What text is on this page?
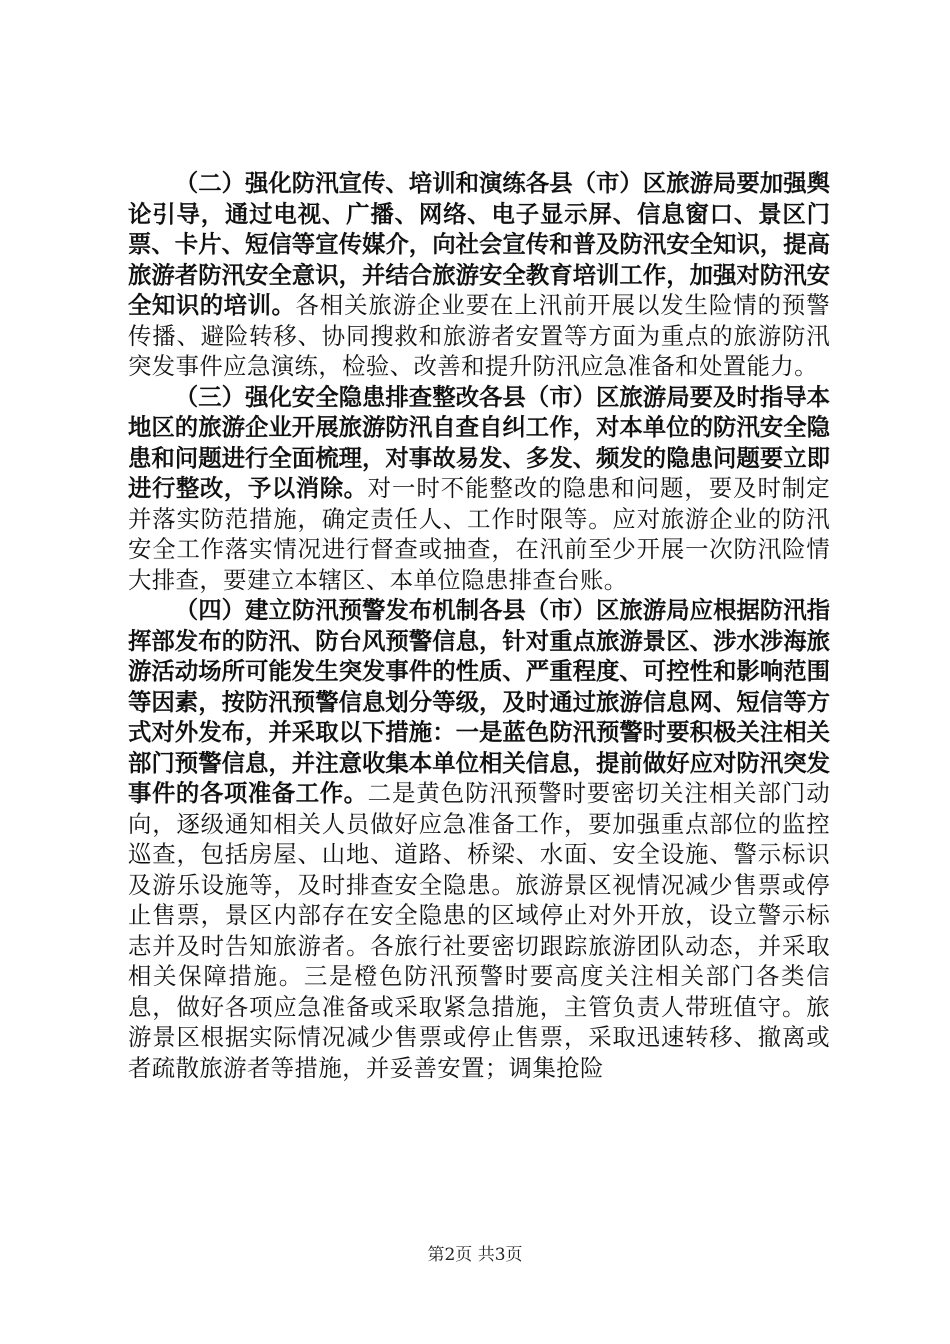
（二）强化防汛宣传、培训和演练各县（市）区旅游局要加强舆论引导，通过电视、广播、网络、电子显示屏、信息窗口、景区门票、卡片、短信等宣传媒介，向社会宣传和普及防汛安全知识，提高旅游者防汛安全意识，并结合旅游安全教育培训工作，加强对防汛安全知识的培训。各相关旅游企业要在上汛前开展以发生险情的预警传播、避险转移、协同搜救和旅游者安置等方面为重点的旅游防汛突发事件应急演练，检验、改善和提升防汛应急准备和处置能力。

（三）强化安全隐患排查整改各县（市）区旅游局要及时指导本地区的旅游企业开展旅游防汛自查自纠工作，对本单位的防汛安全隐患和问题进行全面梳理，对事故易发、多发、频发的隐患问题要立即进行整改，予以消除。对一时不能整改的隐患和问题，要及时制定并落实防范措施，确定责任人、工作时限等。应对旅游企业的防汛安全工作落实情况进行督查或抽查，在汛前至少开展一次防汛险情大排查，要建立本辖区、本单位隐患排查台账。

（四）建立防汛预警发布机制各县（市）区旅游局应根据防汛指挥部发布的防汛、防台风预警信息，针对重点旅游景区、涉水涉海旅游活动场所可能发生突发事件的性质、严重程度、可控性和影响范围等因素，按防汛预警信息划分等级，及时通过旅游信息网、短信等方式对外发布，并采取以下措施：一是蓝色防汛预警时要积极关注相关部门预警信息，并注意收集本单位相关信息，提前做好应对防汛突发事件的各项准备工作。二是黄色防汛预警时要密切关注相关部门动向，逐级通知相关人员做好应急准备工作，要加强重点部位的监控巡查，包括房屋、山地、道路、桥梁、水面、安全设施、警示标识及游乐设施等，及时排查安全隐患。旅游景区视情况减少售票或停止售票，景区内部存在安全隐患的区域停止对外开放，设立警示标志并及时告知旅游者。各旅行社要密切跟踪旅游团队动态，并采取相关保障措施。三是橙色防汛预警时要高度关注相关部门各类信息，做好各项应急准备或采取紧急措施，主管负责人带班值守。旅游景区根据实际情况减少售票或停止售票，采取迅速转移、撤离或者疏散旅游者等措施，并妥善安置；调集抢险

第2页 共3页
